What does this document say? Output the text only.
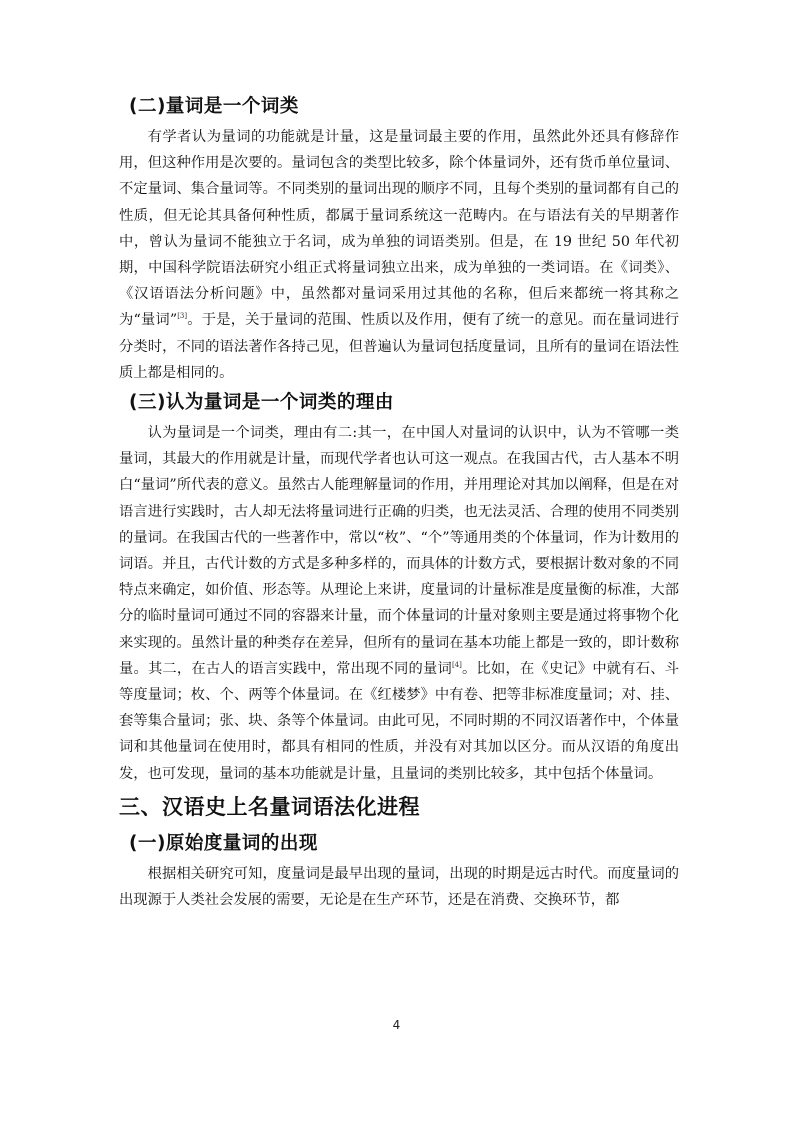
(二)量词是一个词类

有学者认为量词的功能就是计量，这是量词最主要的作用，虽然此外还具有修辞作用，但这种作用是次要的。量词包含的类型比较多，除个体量词外，还有货币单位量词、不定量词、集合量词等。不同类别的量词出现的顺序不同，且每个类别的量词都有自己的性质，但无论其具备何种性质，都属于量词系统这一范畴内。在与语法有关的早期著作中，曾认为量词不能独立于名词，成为单独的词语类别。但是，在 19 世纪 50 年代初期，中国科学院语法研究小组正式将量词独立出来，成为单独的一类词语。在《词类》、《汉语语法分析问题》中，虽然都对量词采用过其他的名称，但后来都统一将其称之为“量词”[3]。于是，关于量词的范围、性质以及作用，便有了统一的意见。而在量词进行分类时，不同的语法著作各持己见，但普遍认为量词包括度量词，且所有的量词在语法性质上都是相同的。

(三)认为量词是一个词类的理由

认为量词是一个词类，理由有二:其一，在中国人对量词的认识中，认为不管哪一类量词，其最大的作用就是计量，而现代学者也认可这一观点。在我国古代，古人基本不明白“量词”所代表的意义。虽然古人能理解量词的作用，并用理论对其加以阐释，但是在对语言进行实践时，古人却无法将量词进行正确的归类，也无法灵活、合理的使用不同类别的量词。在我国古代的一些著作中，常以“枚”、“个”等通用类的个体量词，作为计数用的词语。并且，古代计数的方式是多种多样的，而具体的计数方式，要根据计数对象的不同特点来确定，如价值、形态等。从理论上来讲，度量词的计量标准是度量衡的标准，大部分的临时量词可通过不同的容器来计量，而个体量词的计量对象则主要是通过将事物个化来实现的。虽然计量的种类存在差异，但所有的量词在基本功能上都是一致的，即计数称量。其二，在古人的语言实践中，常出现不同的量词[4]。比如，在《史记》中就有石、斗等度量词；枚、个、两等个体量词。在《红楼梦》中有卷、把等非标准度量词；对、挂、套等集合量词；张、块、条等个体量词。由此可见，不同时期的不同汉语著作中，个体量词和其他量词在使用时，都具有相同的性质，并没有对其加以区分。而从汉语的角度出发，也可发现，量词的基本功能就是计量，且量词的类别比较多，其中包括个体量词。

三、汉语史上名量词语法化进程
(一)原始度量词的出现

根据相关研究可知，度量词是最早出现的量词，出现的时期是远古时代。而度量词的出现源于人类社会发展的需要，无论是在生产环节，还是在消费、交换环节，都

4
